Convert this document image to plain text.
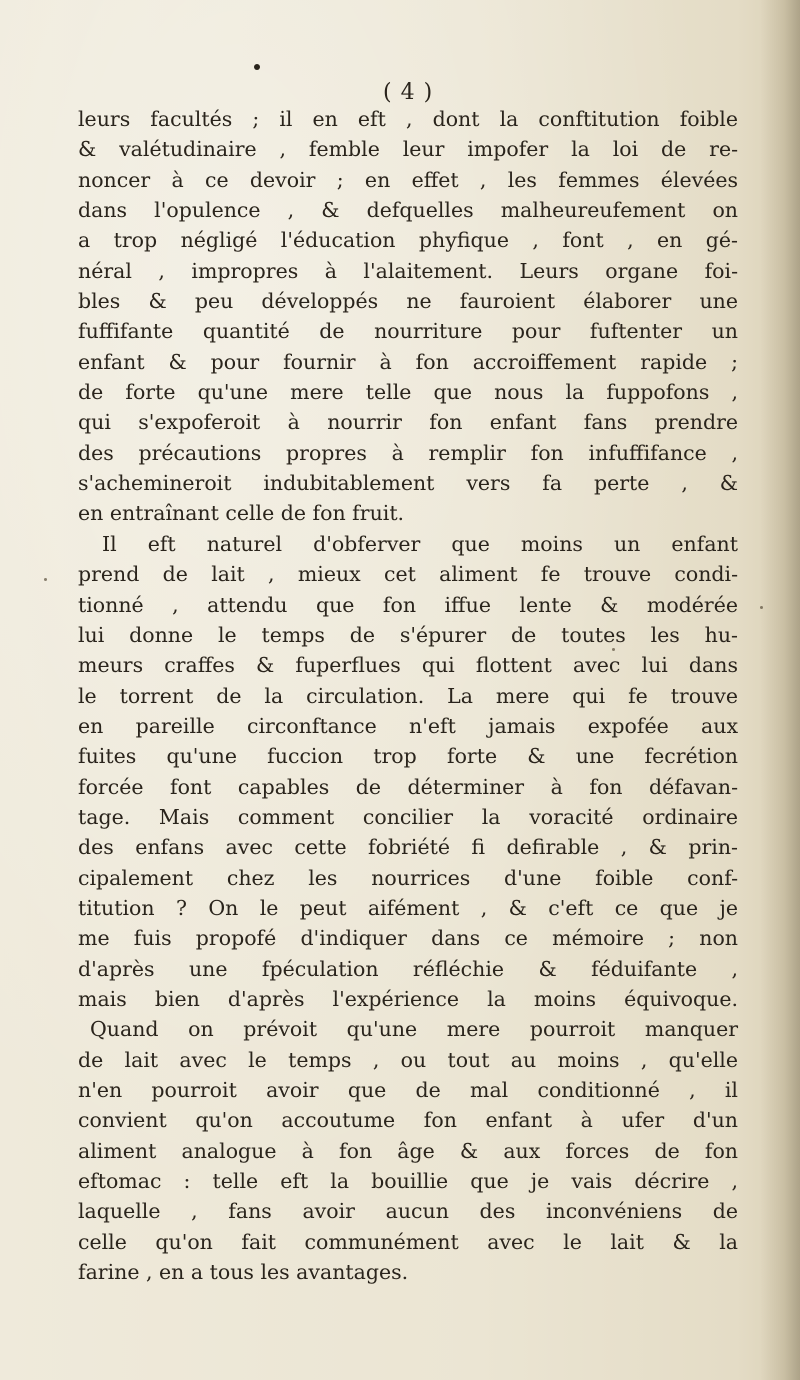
( 4 )
leurs facultés ; il en eft , dont la conftitution foible
& valétudinaire , femble leur impofer la loi de re-
noncer à ce devoir ; en effet , les femmes élevées
dans l'opulence , & defquelles malheureufement on
a trop négligé l'éducation phyfique , font , en gé-
néral , impropres à l'alaitement. Leurs organe foi-
bles & peu développés ne fauroient élaborer une
fuffifante quantité de nourriture pour fuftenter un
enfant & pour fournir à fon accroiffement rapide ;
de forte qu'une mere telle que nous la fuppofons ,
qui s'expoferoit à nourrir fon enfant fans prendre
des précautions propres à remplir fon infuffifance ,
s'achemineroit indubitablement vers fa perte , &
en entraînant celle de fon fruit.
Il eft naturel d'obferver que moins un enfant
prend de lait , mieux cet aliment fe trouve condi-
tionné , attendu que fon iffue lente & modérée
lui donne le temps de s'épurer de toutes les hu-
meurs craffes & fuperflues qui flottent avec lui dans
le torrent de la circulation. La mere qui fe trouve
en pareille circonftance n'eft jamais expofée aux
fuites qu'une fuccion trop forte & une fecrétion
forcée font capables de déterminer à fon défavan-
tage. Mais comment concilier la voracité ordinaire
des enfans avec cette fobriété fi defirable , & prin-
cipalement chez les nourrices d'une foible conf-
titution ? On le peut aifément , & c'eft ce que je
me fuis propofé d'indiquer dans ce mémoire ; non
d'après une fpéculation réfléchie & féduifante ,
mais bien d'après l'expérience la moins équivoque.
Quand on prévoit qu'une mere pourroit manquer
de lait avec le temps , ou tout au moins , qu'elle
n'en pourroit avoir que de mal conditionné , il
convient qu'on accoutume fon enfant à ufer d'un
aliment analogue à fon âge & aux forces de fon
eftomac : telle eft la bouillie que je vais décrire ,
laquelle , fans avoir aucun des inconvéniens de
celle qu'on fait communément avec le lait & la
farine , en a tous les avantages.
